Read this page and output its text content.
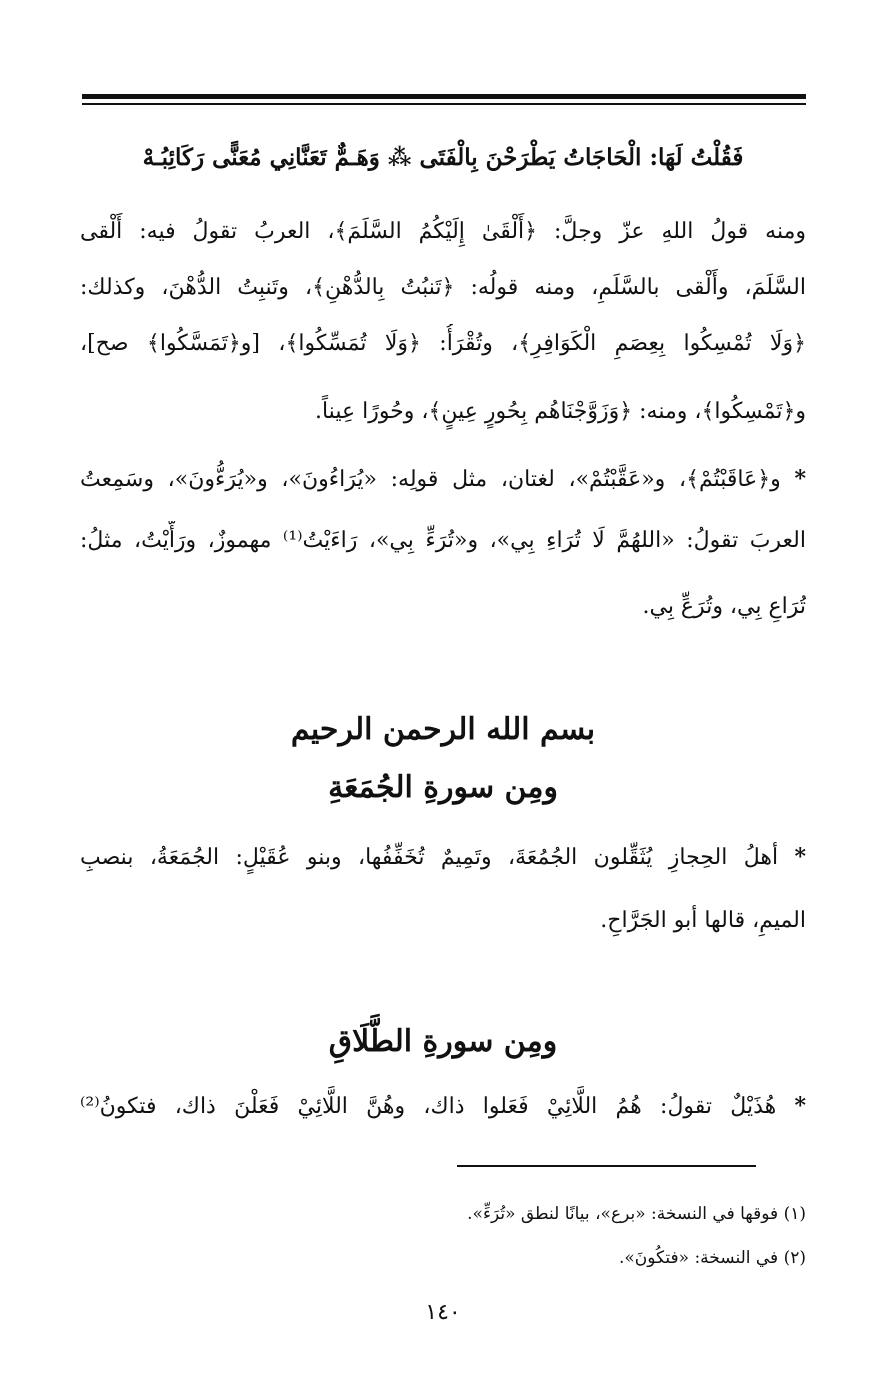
فَقُلْتُ لَهَا: الْحَاجَاتُ يَطْرَحْنَ بِالْفَتَى ⁂ وَهَـمٌّ تَعَنَّانِي مُعَنًّى رَكَائِبُـهْ
ومنه قولُ اللهِ عزّ وجلَّ: ﴿أَلْقَىٰ إِلَيْكُمُ السَّلَمَ﴾، العربُ تقولُ فيه: أَلْقى
السَّلَمَ، وأَلْقى بالسَّلَمِ، ومنه قولُه: ﴿تَنبُتُ بِالدُّهْنِ﴾، وتَنبِتُ الدُّهْنَ، وكذلك:
﴿وَلَا تُمْسِكُوا بِعِصَمِ الْكَوَافِرِ﴾، وتُقْرَأُ: ﴿وَلَا تُمَسِّكُوا﴾، [و﴿تَمَسَّكُوا﴾ صح]،
و﴿تَمْسِكُوا﴾، ومنه: ﴿وَزَوَّجْنَاهُم بِحُورٍ عِينٍ﴾، وحُورًا عِيناً.
* و﴿عَاقَبْتُمْ﴾، و«عَقَّبْتُمْ»، لغتان، مثل قولِه: «يُرَاءُونَ»، و«يُرَءُّونَ»، وسَمِعتُ
العربَ تقولُ: «اللهُمَّ لَا تُرَاءِ بِي»، و«تُرَءِّ بِي»، رَاءَيْتُ⁽¹⁾ مهموزٌ، ورَأَّيْتُ، مثلُ:
تُرَاعِ بِي، وتُرَعِّ بِي.
بسم الله الرحمن الرحيم
ومِن سورةِ الجُمَعَةِ
* أهلُ الحِجازِ يُثَقِّلون الجُمُعَةَ، وتَمِيمٌ تُخَفِّفُها، وبنو عُقَيْلٍ: الجُمَعَةُ، بنصبِ
الميمِ، قالها أبو الجَرَّاحِ.
ومِن سورةِ الطَّلَاقِ
* هُذَيْلٌ تقولُ: هُمُ اللَّائِيْ فَعَلوا ذاك، وهُنَّ اللَّائِيْ فَعَلْنَ ذاك، فتكونُ⁽²⁾
(١) فوقها في النسخة: «برع»، بيانًا لنطق «تُرَءِّ».
(٢) في النسخة: «فتكُونَ».
١٤٠
